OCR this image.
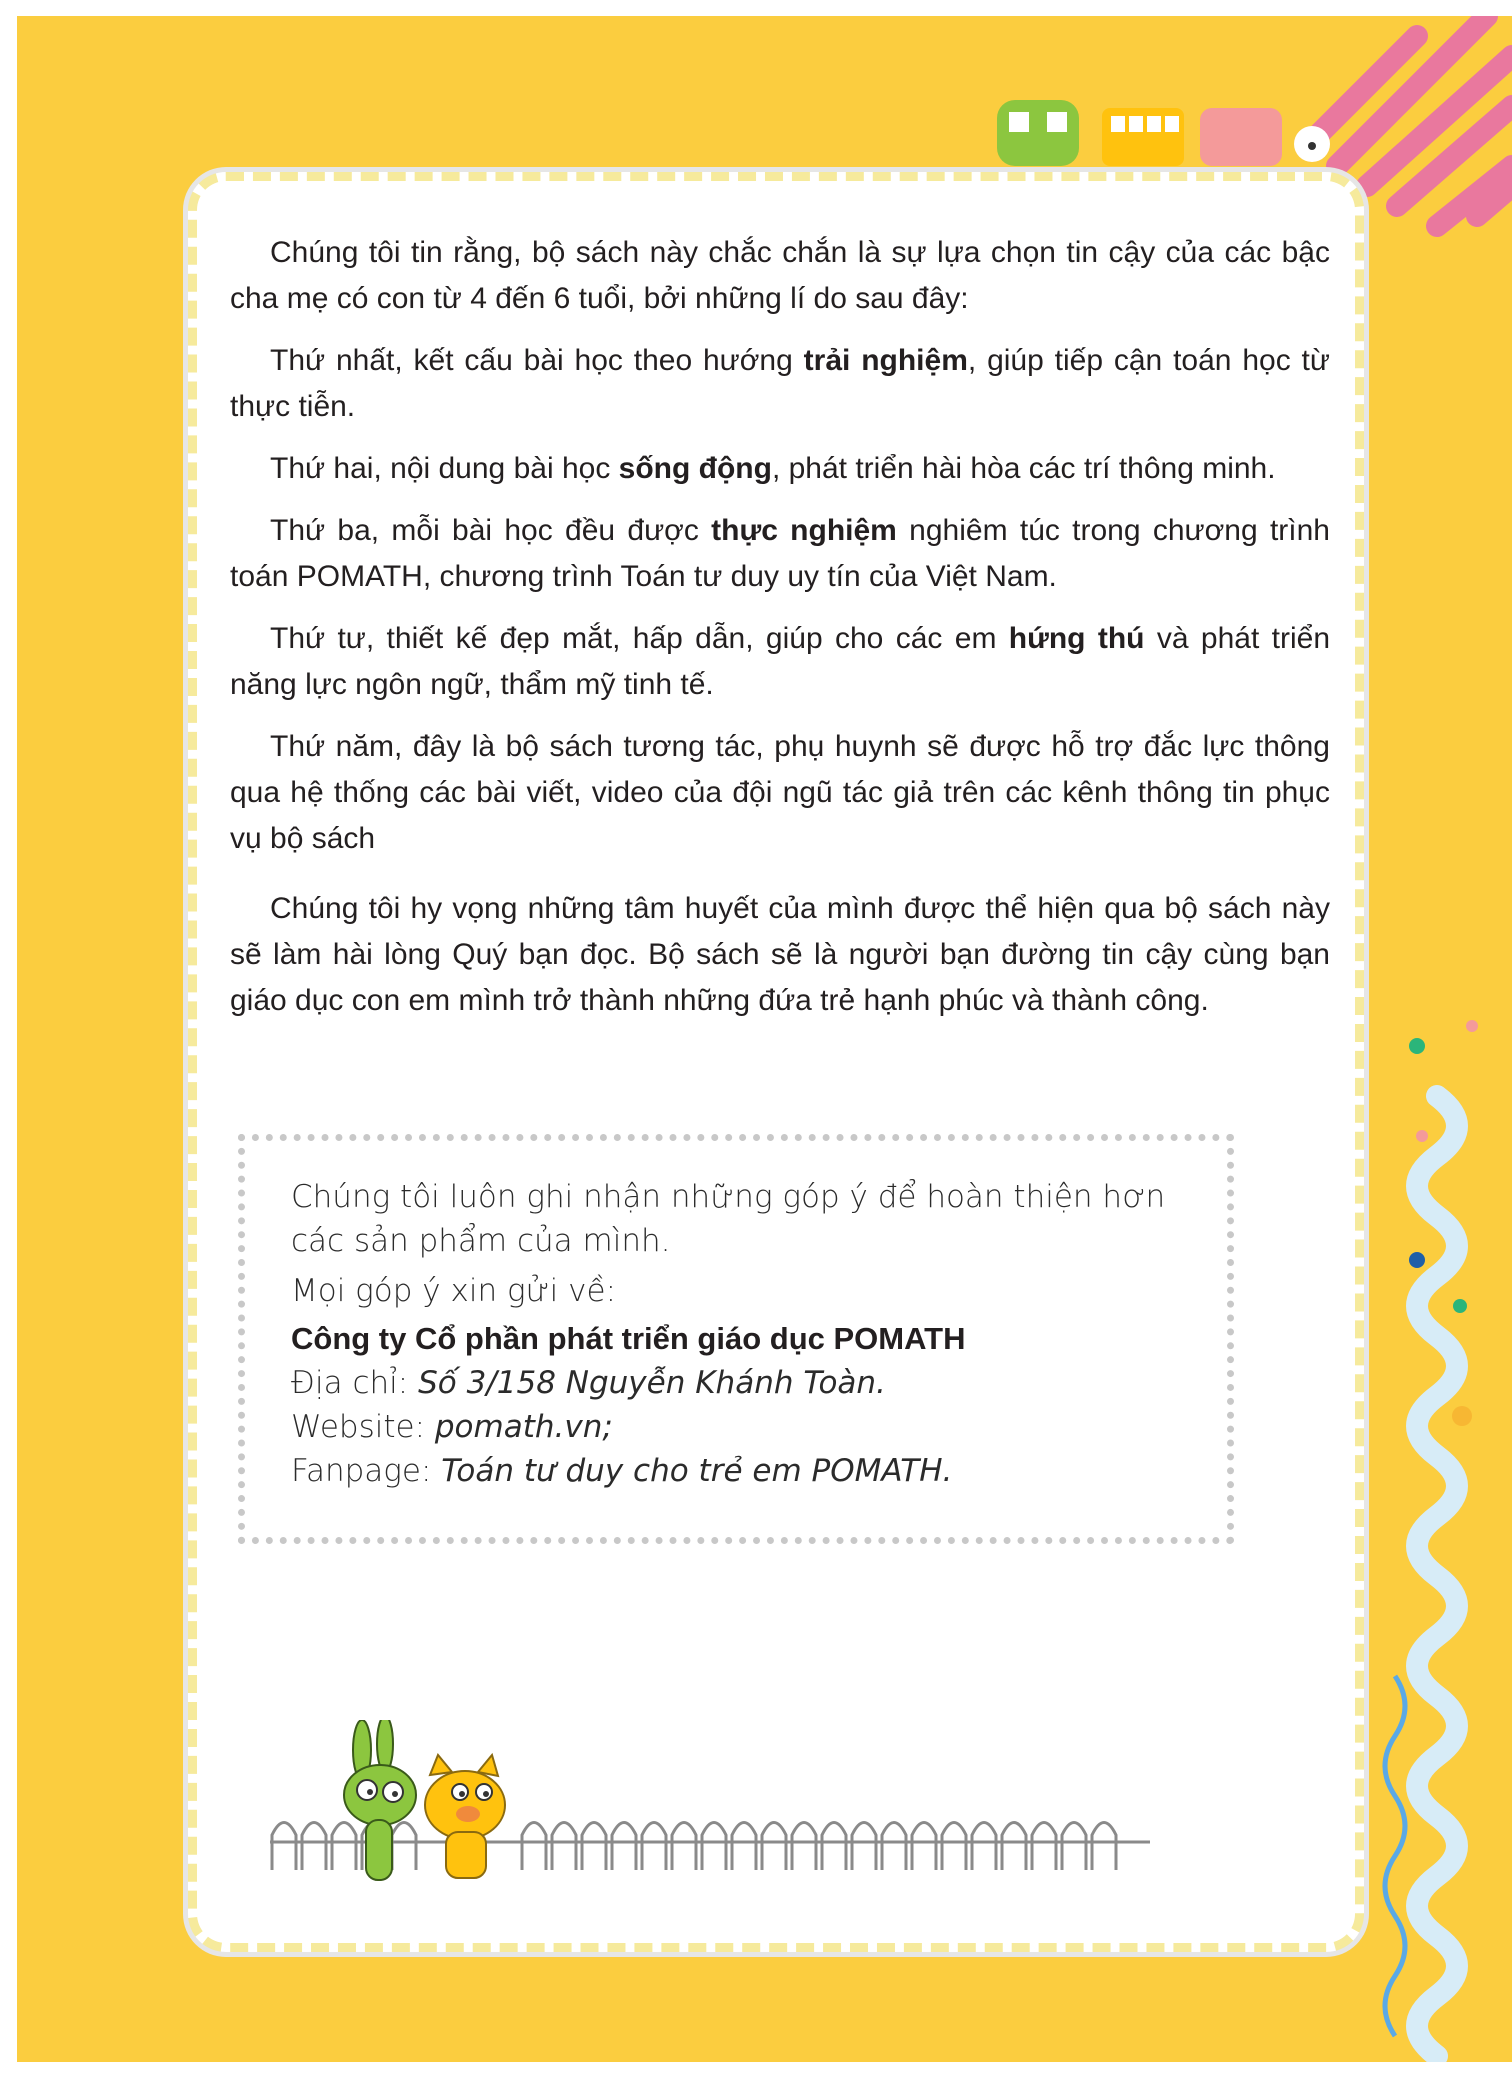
Chúng tôi tin rằng, bộ sách này chắc chắn là sự lựa chọn tin cậy của các bậc cha mẹ có con từ 4 đến 6 tuổi, bởi những lí do sau đây:

Thứ nhất, kết cấu bài học theo hướng trải nghiệm, giúp tiếp cận toán học từ thực tiễn.

Thứ hai, nội dung bài học sống động, phát triển hài hòa các trí thông minh.

Thứ ba, mỗi bài học đều được thực nghiệm nghiêm túc trong chương trình toán POMATH, chương trình Toán tư duy uy tín của Việt Nam.

Thứ tư, thiết kế đẹp mắt, hấp dẫn, giúp cho các em hứng thú và phát triển năng lực ngôn ngữ, thẩm mỹ tinh tế.

Thứ năm, đây là bộ sách tương tác, phụ huynh sẽ được hỗ trợ đắc lực thông qua hệ thống các bài viết, video của đội ngũ tác giả trên các kênh thông tin phục vụ bộ sách

Chúng tôi hy vọng những tâm huyết của mình được thể hiện qua bộ sách này sẽ làm hài lòng Quý bạn đọc. Bộ sách sẽ là người bạn đường tin cậy cùng bạn giáo dục con em mình trở thành những đứa trẻ hạnh phúc và thành công.

Chúng tôi luôn ghi nhận những góp ý để hoàn thiện hơn các sản phẩm của mình.
Mọi góp ý xin gửi về:
Công ty Cổ phần phát triển giáo dục POMATH
Địa chỉ: Số 3/158 Nguyễn Khánh Toàn.
Website: pomath.vn;
Fanpage: Toán tư duy cho trẻ em POMATH.
